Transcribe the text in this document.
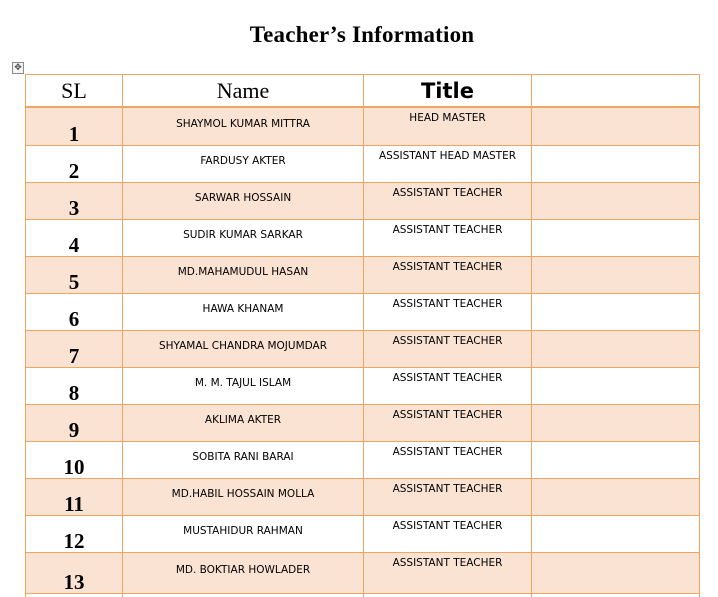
Teacher’s Information
✥
SL	Name	Title	
1	SHAYMOL KUMAR MITTRA	HEAD MASTER	
2	FARDUSY AKTER	ASSISTANT HEAD MASTER	
3	SARWAR HOSSAIN	ASSISTANT TEACHER	
4	SUDIR KUMAR SARKAR	ASSISTANT TEACHER	
5	MD.MAHAMUDUL HASAN	ASSISTANT TEACHER	
6	HAWA KHANAM	ASSISTANT TEACHER	
7	SHYAMAL CHANDRA MOJUMDAR	ASSISTANT TEACHER	
8	M. M. TAJUL ISLAM	ASSISTANT TEACHER	
9	AKLIMA AKTER	ASSISTANT TEACHER	
10	SOBITA RANI BARAI	ASSISTANT TEACHER	
11	MD.HABIL HOSSAIN MOLLA	ASSISTANT TEACHER	
12	MUSTAHIDUR RAHMAN	ASSISTANT TEACHER	
13	MD. BOKTIAR HOWLADER	ASSISTANT TEACHER	
